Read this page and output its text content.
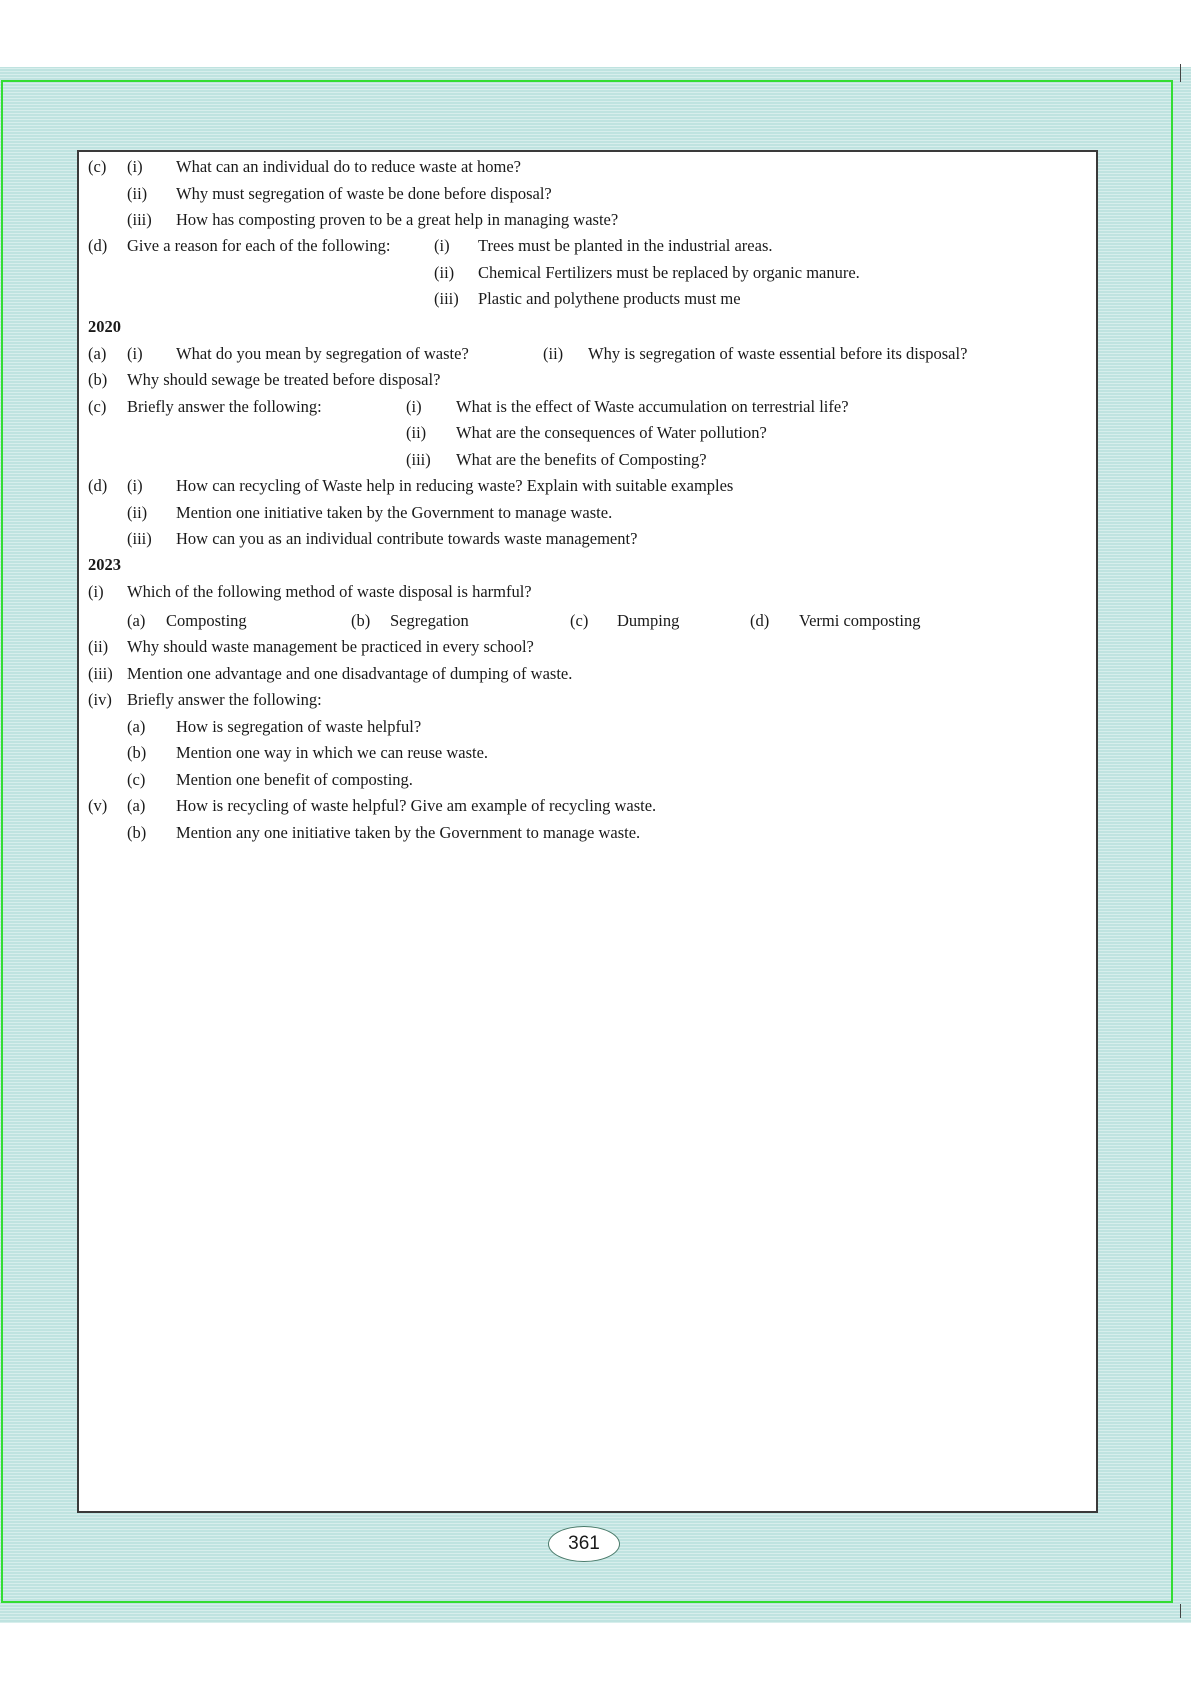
(c) (i) What can an individual do to reduce waste at home?
(ii) Why must segregation of waste be done before disposal?
(iii) How has composting proven to be a great help in managing waste?
(d) Give a reason for each of the following:	(i) Trees must be planted in the industrial areas.
(ii) Chemical Fertilizers must be replaced by organic manure.
(iii) Plastic and polythene products must me
2020
(a) (i) What do you mean by segregation of waste?	(ii) Why is segregation of waste essential before its disposal?
(b) Why should sewage be treated before disposal?
(c) Briefly answer the following:	(i) What is the effect of Waste accumulation on terrestrial life?
(ii) What are the consequences of Water pollution?
(iii) What are the benefits of Composting?
(d) (i) How can recycling of Waste help in reducing waste? Explain with suitable examples
(ii) Mention one initiative taken by the Government to manage waste.
(iii) How can you as an individual contribute towards waste management?
2023
(i) Which of the following method of waste disposal is harmful?
(a) Composting	(b) Segregation	(c) Dumping	(d) Vermi composting
(ii) Why should waste management be practiced in every school?
(iii) Mention one advantage and one disadvantage of dumping of waste.
(iv) Briefly answer the following:
(a) How is segregation of waste helpful?
(b) Mention one way in which we can reuse waste.
(c) Mention one benefit of composting.
(v) (a) How is recycling of waste helpful? Give am example of recycling waste.
(b) Mention any one initiative taken by the Government to manage waste.
361
